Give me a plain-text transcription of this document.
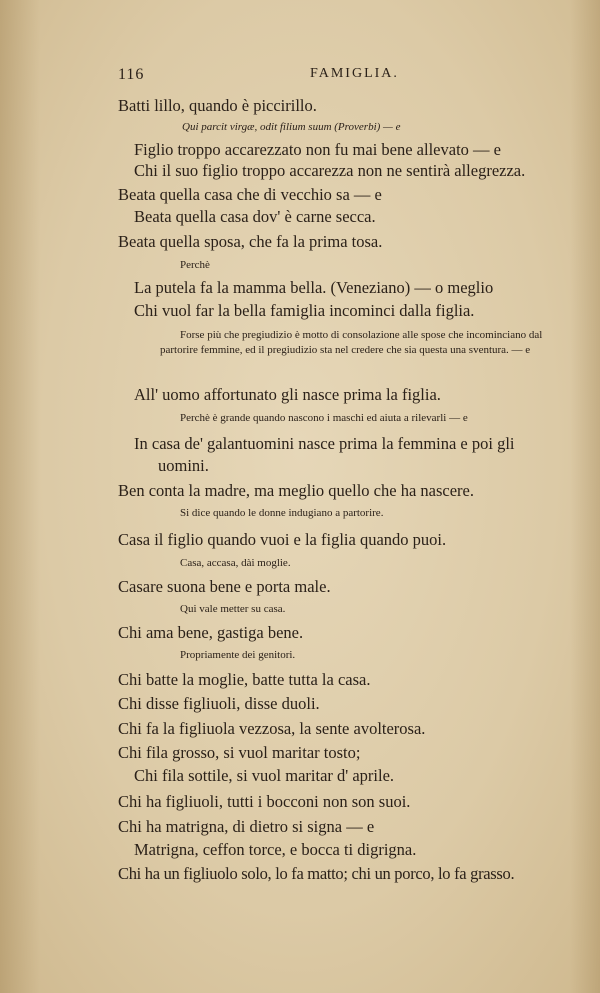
116	FAMIGLIA.
Batti lillo, quando è piccirillo.
Qui parcit virgæ, odit filium suum (Proverbi) — e
Figlio troppo accarezzato non fu mai bene allevato — e
Chi il suo figlio troppo accarezza non ne sentirà allegrezza.
Beata quella casa che di vecchio sa — e
Beata quella casa dov' è carne secca.
Beata quella sposa, che fa la prima tosa.
Perchè
La putela fa la mamma bella. (Veneziano) — o meglio
Chi vuol far la bella famiglia incominci dalla figlia.
Forse più che pregiudizio è motto di consolazione alle spose che incominciano dal partorire femmine, ed il pregiudizio sta nel credere che sia questa una sventura. — e
All' uomo affortunato gli nasce prima la figlia.
Perchè è grande quando nascono i maschi ed aiuta a rilevarli — e
In casa de' galantuomini nasce prima la femmina e poi gli
uomini.
Ben conta la madre, ma meglio quello che ha nascere.
Si dice quando le donne indugiano a partorire.
Casa il figlio quando vuoi e la figlia quando puoi.
Casa, accasa, dài moglie.
Casare suona bene e porta male.
Qui vale metter su casa.
Chi ama bene, gastiga bene.
Propriamente dei genitori.
Chi batte la moglie, batte tutta la casa.
Chi disse figliuoli, disse duoli.
Chi fa la figliuola vezzosa, la sente avolterosa.
Chi fila grosso, si vuol maritar tosto;
Chi fila sottile, si vuol maritar d' aprile.
Chi ha figliuoli, tutti i bocconi non son suoi.
Chi ha matrigna, di dietro si signa — e
Matrigna, ceffon torce, e bocca ti digrigna.
Chi ha un figliuolo solo, lo fa matto; chi un porco, lo fa grasso.
